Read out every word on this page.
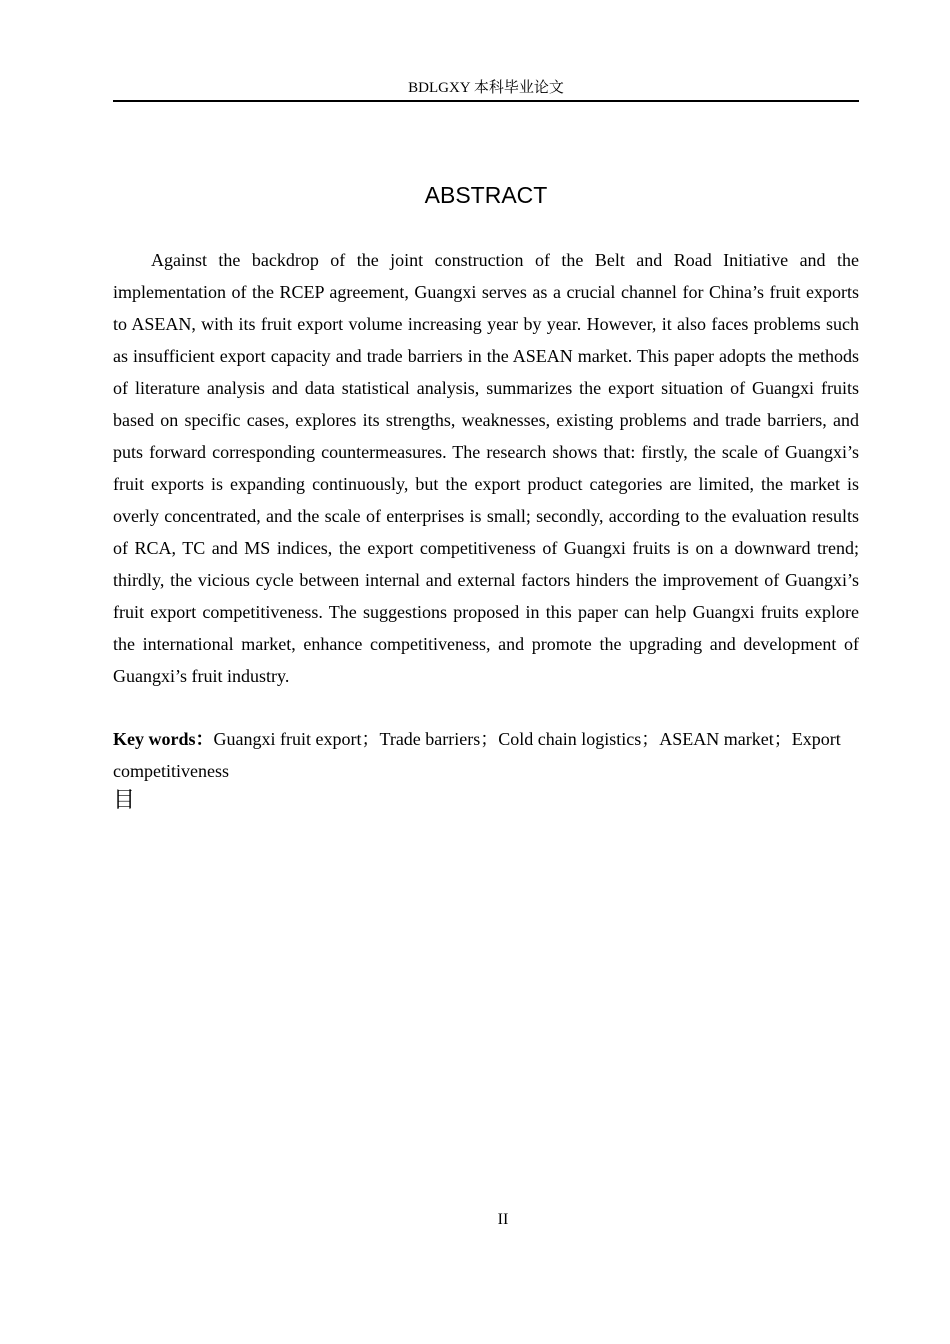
BDLGXY 本科毕业论文
ABSTRACT

Against the backdrop of the joint construction of the Belt and Road Initiative and the implementation of the RCEP agreement, Guangxi serves as a crucial channel for China’s fruit exports to ASEAN, with its fruit export volume increasing year by year. However, it also faces problems such as insufficient export capacity and trade barriers in the ASEAN market. This paper adopts the methods of literature analysis and data statistical analysis, summarizes the export situation of Guangxi fruits based on specific cases, explores its strengths, weaknesses, existing problems and trade barriers, and puts forward corresponding countermeasures. The research shows that: firstly, the scale of Guangxi’s fruit exports is expanding continuously, but the export product categories are limited, the market is overly concentrated, and the scale of enterprises is small; secondly, according to the evaluation results of RCA, TC and MS indices, the export competitiveness of Guangxi fruits is on a downward trend; thirdly, the vicious cycle between internal and external factors hinders the improvement of Guangxi’s fruit export competitiveness. The suggestions proposed in this paper can help Guangxi fruits explore the international market, enhance competitiveness, and promote the upgrading and development of Guangxi’s fruit industry.

Key words：Guangxi fruit export；Trade barriers；Cold chain logistics；ASEAN market；Export competitiveness

目
II
